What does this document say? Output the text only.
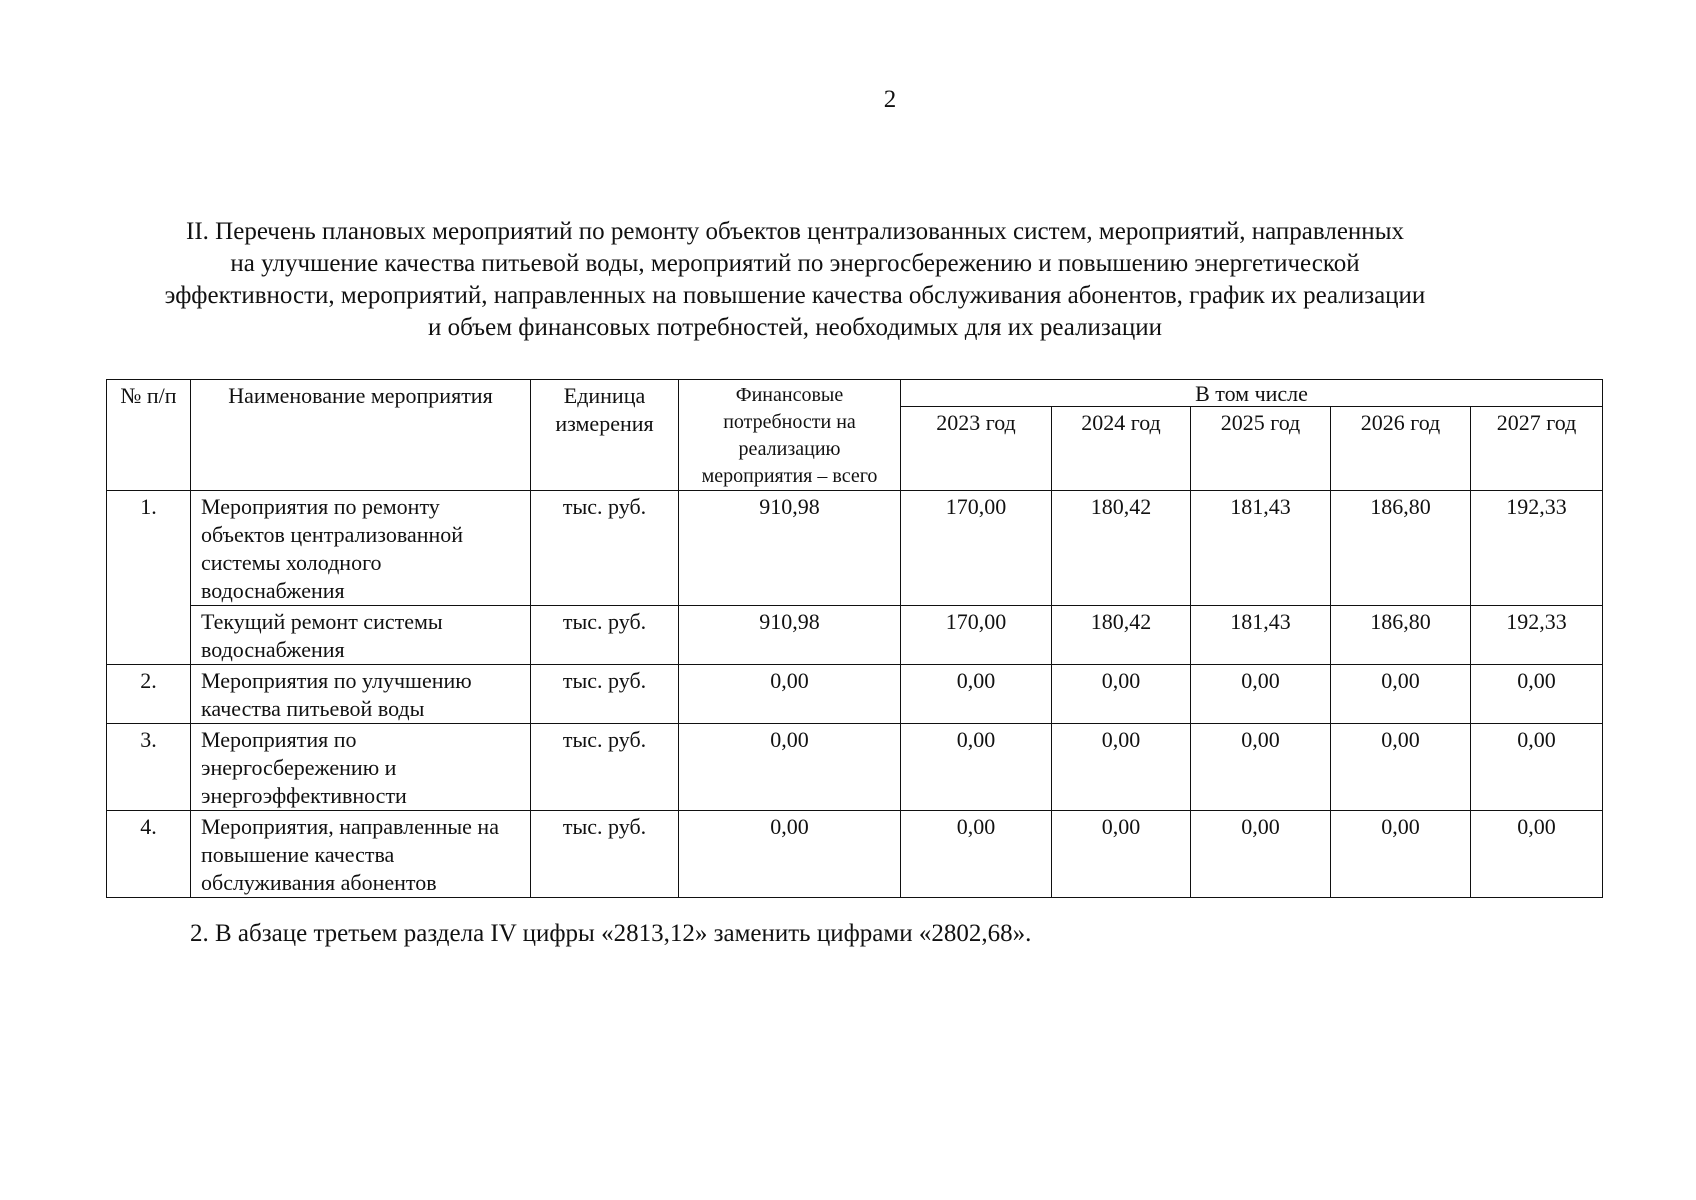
2
II. Перечень плановых мероприятий по ремонту объектов централизованных систем, мероприятий, направленных
на улучшение качества питьевой воды, мероприятий по энергосбережению и повышению энергетической
эффективности, мероприятий, направленных на повышение качества обслуживания абонентов, график их реализации
и объем финансовых потребностей, необходимых для их реализации
№ п/п	Наименование мероприятия	Единица измерения	Финансовые потребности на реализацию мероприятия – всего	В том числе				
				2023 год	2024 год	2025 год	2026 год	2027 год
1.	Мероприятия по ремонту объектов централизованной системы холодного водоснабжения	тыс. руб.	910,98	170,00	180,42	181,43	186,80	192,33
	Текущий ремонт системы водоснабжения	тыс. руб.	910,98	170,00	180,42	181,43	186,80	192,33
2.	Мероприятия по улучшению качества питьевой воды	тыс. руб.	0,00	0,00	0,00	0,00	0,00	0,00
3.	Мероприятия по энергосбережению и энергоэффективности	тыс. руб.	0,00	0,00	0,00	0,00	0,00	0,00
4.	Мероприятия, направленные на повышение качества обслуживания абонентов	тыс. руб.	0,00	0,00	0,00	0,00	0,00	0,00
2. В абзаце третьем раздела IV цифры «2813,12» заменить цифрами «2802,68».
